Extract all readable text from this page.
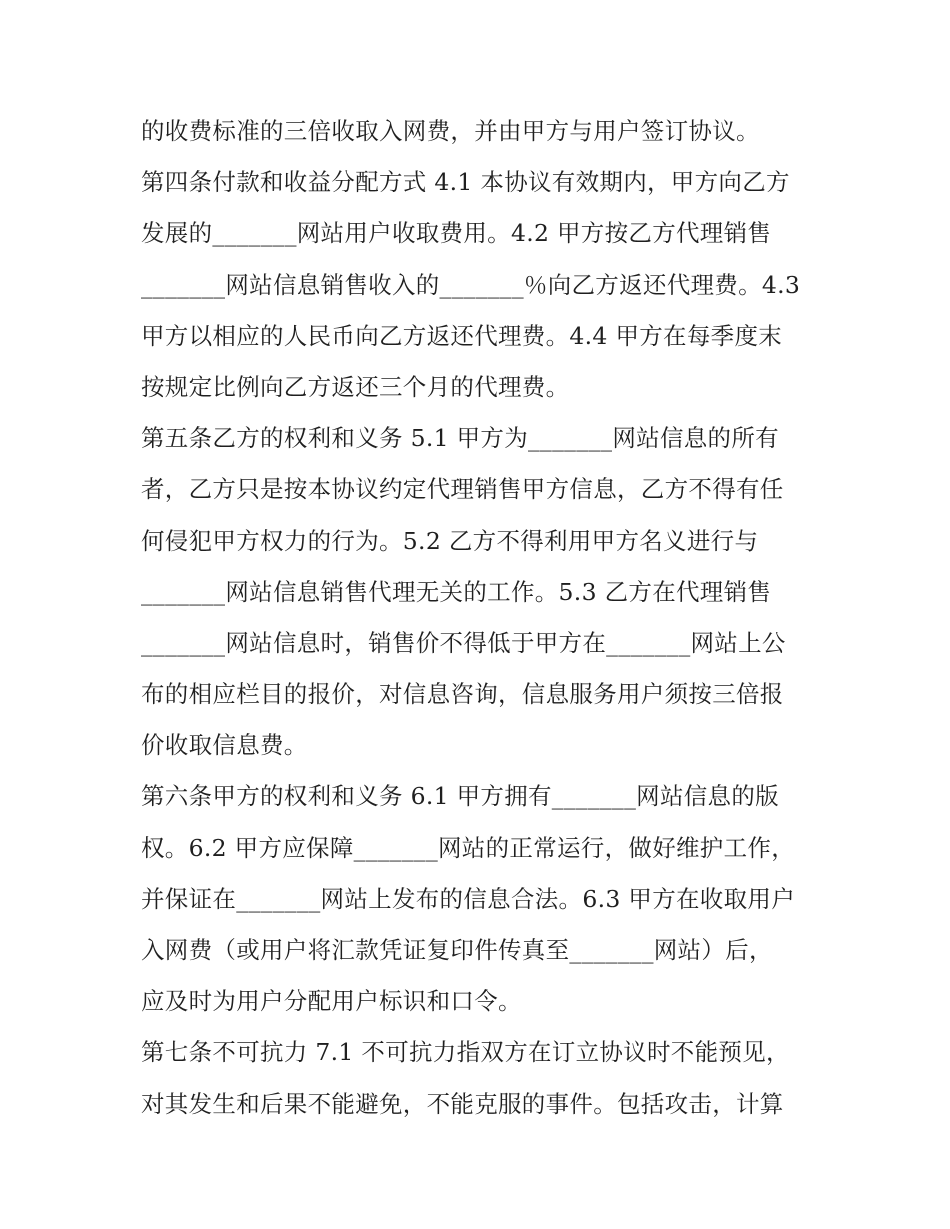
的收费标准的三倍收取入网费，并由甲方与用户签订协议。
第四条付款和收益分配方式 4.1 本协议有效期内，甲方向乙方
发展的_______网站用户收取费用。4.2 甲方按乙方代理销售
_______网站信息销售收入的_______％向乙方返还代理费。4.3
甲方以相应的人民币向乙方返还代理费。4.4 甲方在每季度末
按规定比例向乙方返还三个月的代理费。
第五条乙方的权利和义务 5.1 甲方为_______网站信息的所有
者，乙方只是按本协议约定代理销售甲方信息，乙方不得有任
何侵犯甲方权力的行为。5.2 乙方不得利用甲方名义进行与
_______网站信息销售代理无关的工作。5.3 乙方在代理销售
_______网站信息时，销售价不得低于甲方在_______网站上公
布的相应栏目的报价，对信息咨询，信息服务用户须按三倍报
价收取信息费。
第六条甲方的权利和义务 6.1 甲方拥有_______网站信息的版
权。6.2 甲方应保障_______网站的正常运行，做好维护工作，
并保证在_______网站上发布的信息合法。6.3 甲方在收取用户
入网费（或用户将汇款凭证复印件传真至_______网站）后，
应及时为用户分配用户标识和口令。
第七条不可抗力 7.1 不可抗力指双方在订立协议时不能预见，
对其发生和后果不能避免，不能克服的事件。包括攻击，计算
